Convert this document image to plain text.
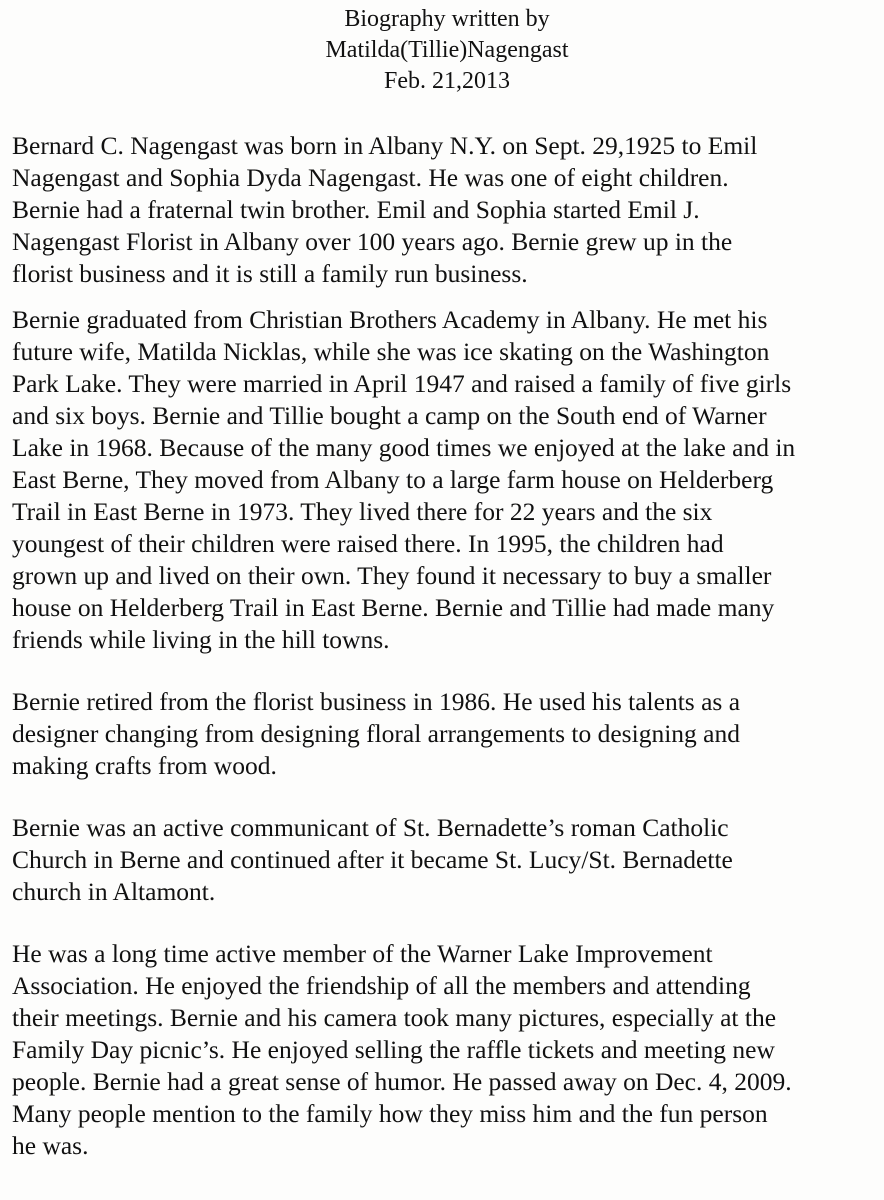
Biography written by
Matilda(Tillie)Nagengast
Feb. 21,2013

Bernard C. Nagengast was born in Albany N.Y. on Sept. 29,1925 to Emil
Nagengast and Sophia Dyda Nagengast. He was one of eight children.
Bernie had a fraternal twin brother. Emil and Sophia started Emil J.
Nagengast Florist in Albany over 100 years ago. Bernie grew up in the
florist business and it is still a family run business.

Bernie graduated from Christian Brothers Academy in Albany. He met his
future wife, Matilda Nicklas, while she was ice skating on the Washington
Park Lake. They were married in April 1947 and raised a family of five girls
and six boys. Bernie and Tillie bought a camp on the South end of Warner
Lake in 1968. Because of the many good times we enjoyed at the lake and in
East Berne, They moved from Albany to a large farm house on Helderberg
Trail in East Berne in 1973. They lived there for 22 years and the six
youngest of their children were raised there. In 1995, the children had
grown up and lived on their own. They found it necessary to buy a smaller
house on Helderberg Trail in East Berne. Bernie and Tillie had made many
friends while living in the hill towns.

Bernie retired from the florist business in 1986. He used his talents as a
designer changing from designing floral arrangements to designing and
making crafts from wood.

Bernie was an active communicant of St. Bernadette’s roman Catholic
Church in Berne and continued after it became St. Lucy/St. Bernadette
church in Altamont.

He was a long time active member of the Warner Lake Improvement
Association. He enjoyed the friendship of all the members and attending
their meetings. Bernie and his camera took many pictures, especially at the
Family Day picnic’s. He enjoyed selling the raffle tickets and meeting new
people. Bernie had a great sense of humor. He passed away on Dec. 4, 2009.
Many people mention to the family how they miss him and the fun person
he was.
